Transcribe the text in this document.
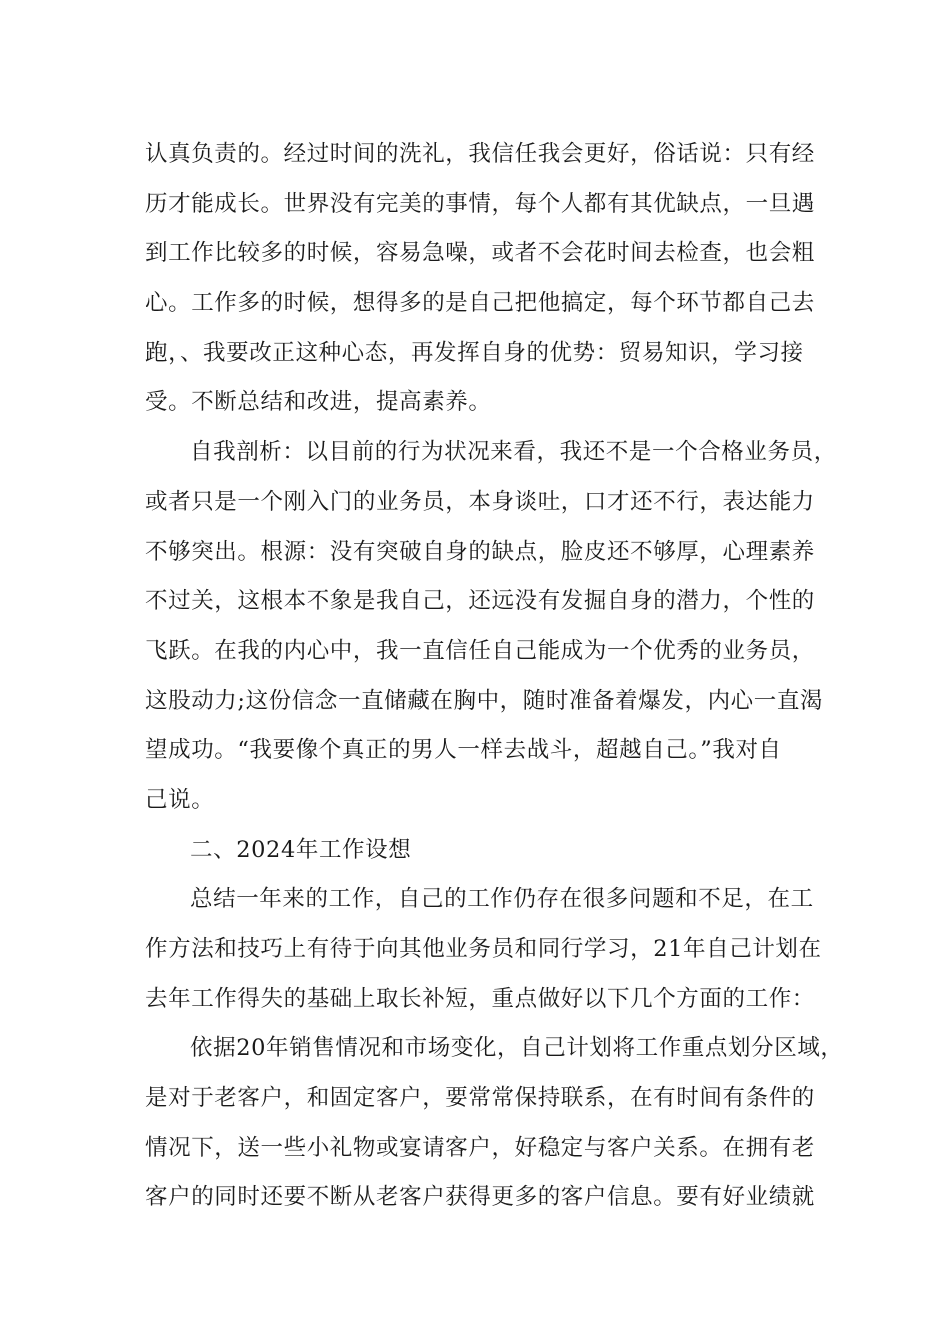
认真负责的。经过时间的洗礼，我信任我会更好，俗话说：只有经
历才能成长。世界没有完美的事情，每个人都有其优缺点，一旦遇
到工作比较多的时候，容易急噪，或者不会花时间去检查，也会粗
心。工作多的时候，想得多的是自己把他搞定，每个环节都自己去
跑，、我要改正这种心态，再发挥自身的优势：贸易知识，学习接
受。不断总结和改进，提高素养。
自我剖析：以目前的行为状况来看，我还不是一个合格业务员，
或者只是一个刚入门的业务员，本身谈吐，口才还不行，表达能力
不够突出。根源：没有突破自身的缺点，脸皮还不够厚，心理素养
不过关，这根本不象是我自己，还远没有发掘自身的潜力，个性的
飞跃。在我的内心中，我一直信任自己能成为一个优秀的业务员，
这股动力;这份信念一直储藏在胸中，随时准备着爆发，内心一直渴
望成功。“我要像个真正的男人一样去战斗，超越自己。”我对自
己说。
二、2024年工作设想
总结一年来的工作，自己的工作仍存在很多问题和不足，在工
作方法和技巧上有待于向其他业务员和同行学习，21年自己计划在
去年工作得失的基础上取长补短，重点做好以下几个方面的工作：
依据20年销售情况和市场变化，自己计划将工作重点划分区域，
是对于老客户，和固定客户，要常常保持联系，在有时间有条件的
情况下，送一些小礼物或宴请客户，好稳定与客户关系。在拥有老
客户的同时还要不断从老客户获得更多的客户信息。要有好业绩就
